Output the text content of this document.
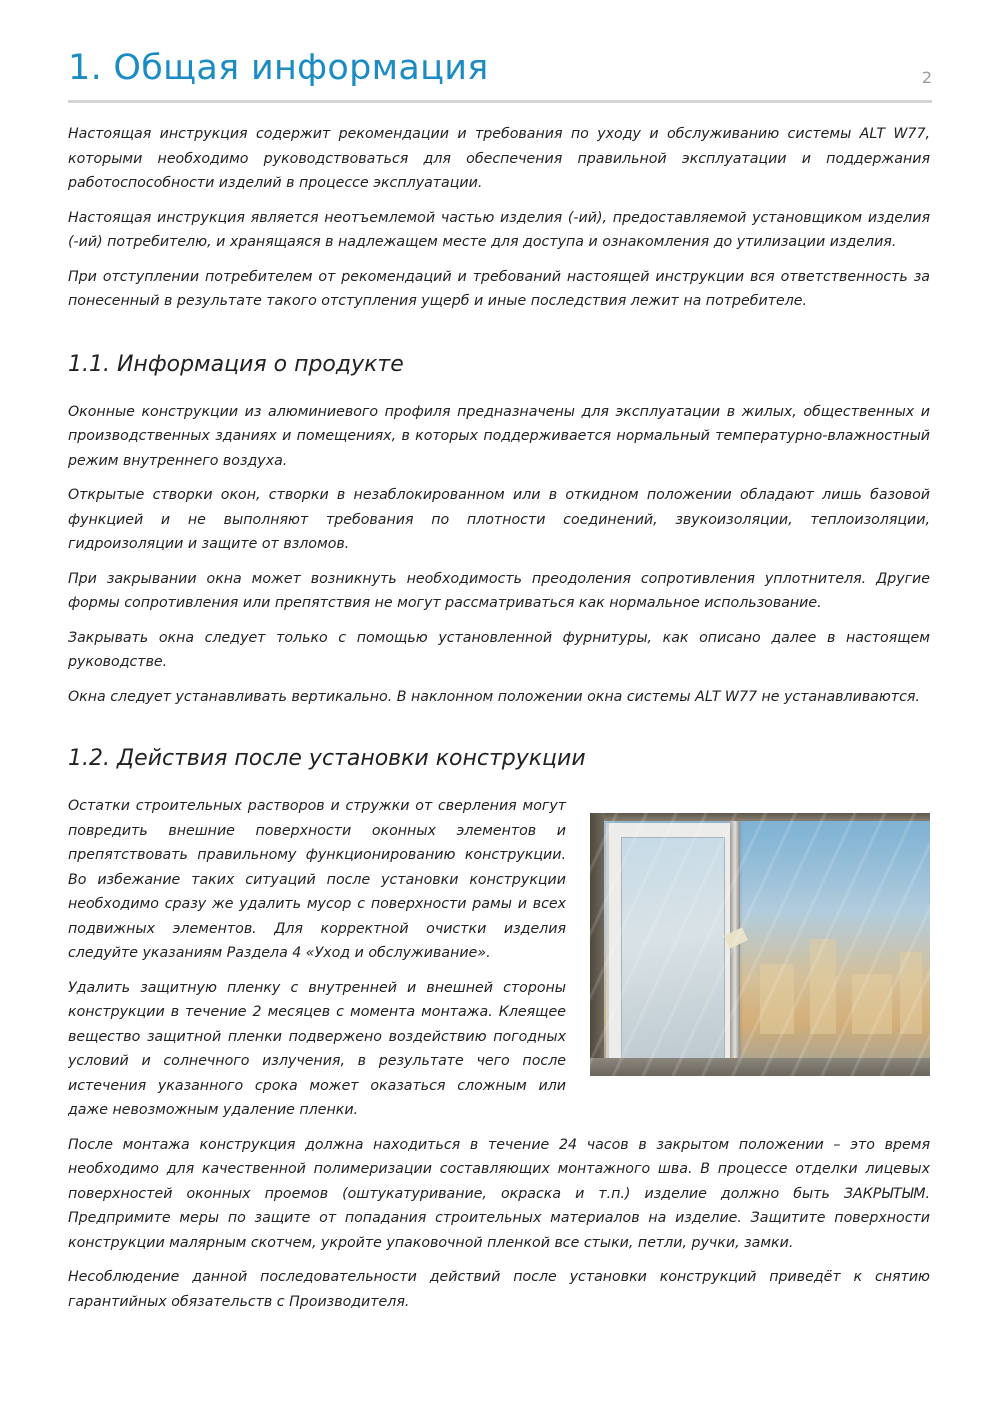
1. Общая информация	2

Настоящая инструкция содержит рекомендации и требования по уходу и обслуживанию системы ALT W77, которыми необходимо руководствоваться для обеспечения правильной эксплуатации и поддержания работоспособности изделий в процессе эксплуатации.

Настоящая инструкция является неотъемлемой частью изделия (-ий), предоставляемой установщиком изделия (-ий) потребителю, и хранящаяся в надлежащем месте для доступа и ознакомления до утилизации изделия.

При отступлении потребителем от рекомендаций и требований настоящей инструкции вся ответственность за понесенный в результате такого отступления ущерб и иные последствия лежит на потребителе.

1.1. Информация о продукте

Оконные конструкции из алюминиевого профиля предназначены для эксплуатации в жилых, общественных и производственных зданиях и помещениях, в которых поддерживается нормальный температурно-влажностный режим внутреннего воздуха.

Открытые створки окон, створки в незаблокированном или в откидном положении обладают лишь базовой функцией и не выполняют требования по плотности соединений, звукоизоляции, теплоизоляции, гидроизоляции и защите от взломов.

При закрывании окна может возникнуть необходимость преодоления сопротивления уплотнителя. Другие формы сопротивления или препятствия не могут рассматриваться как нормальное использование.

Закрывать окна следует только с помощью установленной фурнитуры, как описано далее в настоящем руководстве.

Окна следует устанавливать вертикально. В наклонном положении окна системы ALT W77 не устанавливаются.

1.2. Действия после установки конструкции

Остатки строительных растворов и стружки от сверления могут повредить внешние поверхности оконных элементов и препятствовать правильному функционированию конструкции. Во избежание таких ситуаций после установки конструкции необходимо сразу же удалить мусор с поверхности рамы и всех подвижных элементов. Для корректной очистки изделия следуйте указаниям Раздела 4 «Уход и обслуживание».

Удалить защитную пленку с внутренней и внешней стороны конструкции в течение 2 месяцев с момента монтажа. Клеящее вещество защитной пленки подвержено воздействию погодных условий и солнечного излучения, в результате чего после истечения указанного срока может оказаться сложным или даже невозможным удаление пленки.

После монтажа конструкция должна находиться в течение 24 часов в закрытом положении – это время необходимо для качественной полимеризации составляющих монтажного шва. В процессе отделки лицевых поверхностей оконных проемов (оштукатуривание, окраска и т.п.) изделие должно быть ЗАКРЫТЫМ. Предпримите меры по защите от попадания строительных материалов на изделие. Защитите поверхности конструкции малярным скотчем, укройте упаковочной пленкой все стыки, петли, ручки, замки.

Несоблюдение данной последовательности действий после установки конструкций приведёт к снятию гарантийных обязательств с Производителя.
